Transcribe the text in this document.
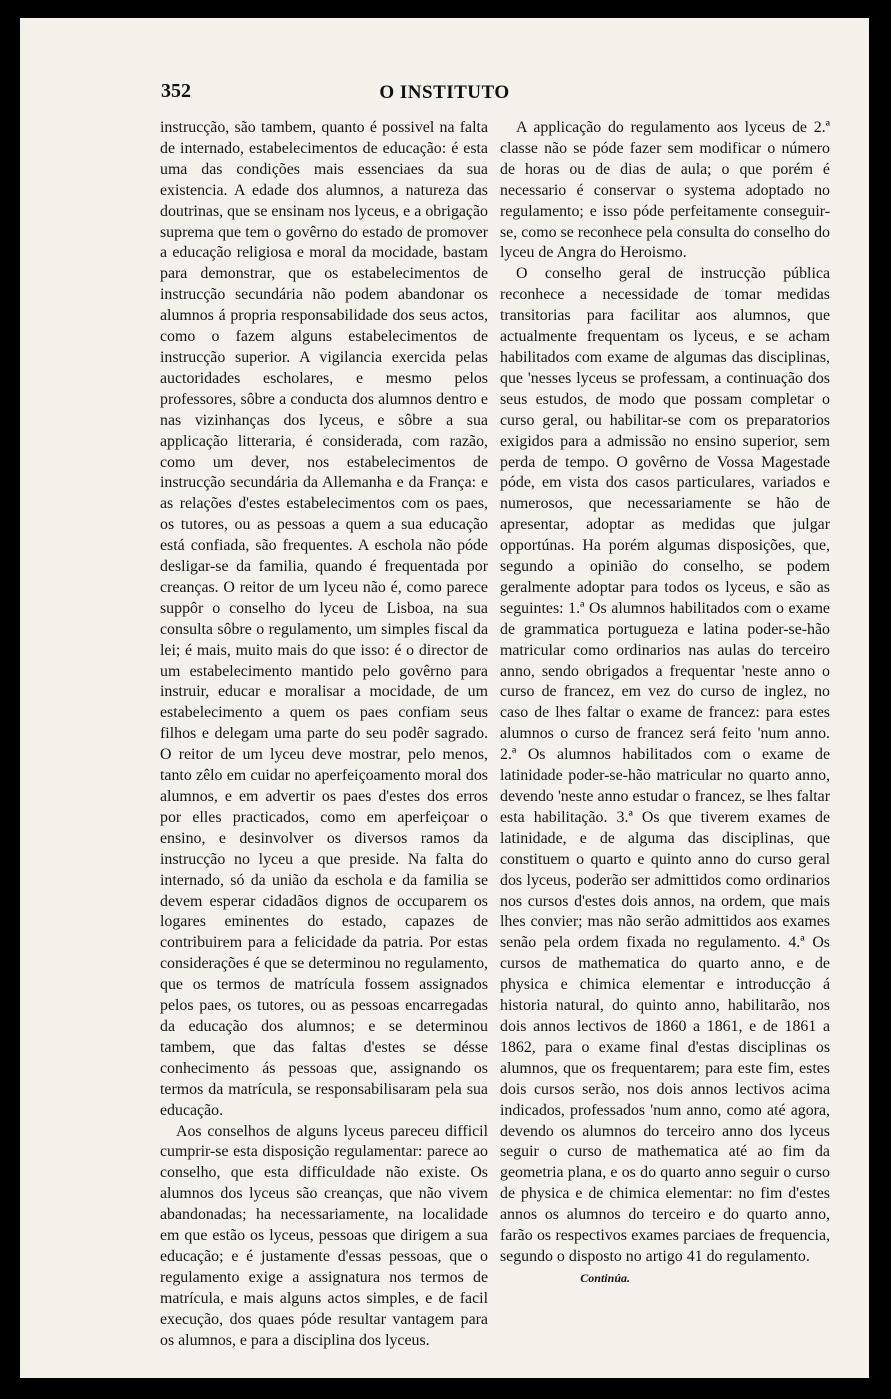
352	O INSTITUTO

instrucção, são tambem, quanto é possivel na falta de internado, estabelecimentos de educação: é esta uma das condições mais essenciaes da sua existencia. A edade dos alumnos, a natureza das doutrinas, que se ensinam nos lyceus, e a obrigação suprema que tem o govêrno do estado de promover a educação religiosa e moral da mocidade, bastam para demonstrar, que os estabelecimentos de instrucção secundária não podem abandonar os alumnos á propria responsabilidade dos seus actos, como o fazem alguns estabelecimentos de instrucção superior. A vigilancia exercida pelas auctoridades escholares, e mesmo pelos professores, sôbre a conducta dos alumnos dentro e nas vizinhanças dos lyceus, e sôbre a sua applicação litteraria, é considerada, com razão, como um dever, nos estabelecimentos de instrucção secundária da Allemanha e da França: e as relações d'estes estabelecimentos com os paes, os tutores, ou as pessoas a quem a sua educação está confiada, são frequentes. A eschola não póde desligar-se da familia, quando é frequentada por creanças. O reitor de um lyceu não é, como parece suppôr o conselho do lyceu de Lisboa, na sua consulta sôbre o regulamento, um simples fiscal da lei; é mais, muito mais do que isso: é o director de um estabelecimento mantido pelo govêrno para instruir, educar e moralisar a mocidade, de um estabelecimento a quem os paes confiam seus filhos e delegam uma parte do seu podêr sagrado. O reitor de um lyceu deve mostrar, pelo menos, tanto zêlo em cuidar no aperfeiçoamento moral dos alumnos, e em advertir os paes d'estes dos erros por elles practicados, como em aperfeiçoar o ensino, e desinvolver os diversos ramos da instrucção no lyceu a que preside. Na falta do internado, só da união da eschola e da familia se devem esperar cidadãos dignos de occuparem os logares eminentes do estado, capazes de contribuirem para a felicidade da patria. Por estas considerações é que se determinou no regulamento, que os termos de matrícula fossem assignados pelos paes, os tutores, ou as pessoas encarregadas da educação dos alumnos; e se determinou tambem, que das faltas d'estes se désse conhecimento ás pessoas que, assignando os termos da matrícula, se responsabilisaram pela sua educação.

Aos conselhos de alguns lyceus pareceu difficil cumprir-se esta disposição regulamentar: parece ao conselho, que esta difficuldade não existe. Os alumnos dos lyceus são creanças, que não vivem abandonadas; ha necessariamente, na localidade em que estão os lyceus, pessoas que dirigem a sua educação; e é justamente d'essas pessoas, que o regulamento exige a assignatura nos termos de matrícula, e mais alguns actos simples, e de facil execução, dos quaes póde resultar vantagem para os alumnos, e para a disciplina dos lyceus.

A applicação do regulamento aos lyceus de 2.ª classe não se póde fazer sem modificar o número de horas ou de dias de aula; o que porém é necessario é conservar o systema adoptado no regulamento; e isso póde perfeitamente conseguir-se, como se reconhece pela consulta do conselho do lyceu de Angra do Heroismo.

O conselho geral de instrucção pública reconhece a necessidade de tomar medidas transitorias para facilitar aos alumnos, que actualmente frequentam os lyceus, e se acham habilitados com exame de algumas das disciplinas, que 'nesses lyceus se professam, a continuação dos seus estudos, de modo que possam completar o curso geral, ou habilitar-se com os preparatorios exigidos para a admissão no ensino superior, sem perda de tempo. O govêrno de Vossa Magestade póde, em vista dos casos particulares, variados e numerosos, que necessariamente se hão de apresentar, adoptar as medidas que julgar opportúnas. Ha porém algumas disposições, que, segundo a opinião do conselho, se podem geralmente adoptar para todos os lyceus, e são as seguintes: 1.ª Os alumnos habilitados com o exame de grammatica portugueza e latina poder-se-hão matricular como ordinarios nas aulas do terceiro anno, sendo obrigados a frequentar 'neste anno o curso de francez, em vez do curso de inglez, no caso de lhes faltar o exame de francez: para estes alumnos o curso de francez será feito 'num anno. 2.ª Os alumnos habilitados com o exame de latinidade poder-se-hão matricular no quarto anno, devendo 'neste anno estudar o francez, se lhes faltar esta habilitação. 3.ª Os que tiverem exames de latinidade, e de alguma das disciplinas, que constituem o quarto e quinto anno do curso geral dos lyceus, poderão ser admittidos como ordinarios nos cursos d'estes dois annos, na ordem, que mais lhes convier; mas não serão admittidos aos exames senão pela ordem fixada no regulamento. 4.ª Os cursos de mathematica do quarto anno, e de physica e chimica elementar e introducção á historia natural, do quinto anno, habilitarão, nos dois annos lectivos de 1860 a 1861, e de 1861 a 1862, para o exame final d'estas disciplinas os alumnos, que os frequentarem; para este fim, estes dois cursos serão, nos dois annos lectivos acima indicados, professados 'num anno, como até agora, devendo os alumnos do terceiro anno dos lyceus seguir o curso de mathematica até ao fim da geometria plana, e os do quarto anno seguir o curso de physica e de chimica elementar: no fim d'estes annos os alumnos do terceiro e do quarto anno, farão os respectivos exames parciaes de frequencia, segundo o disposto no artigo 41 do regulamento.

Continúa.
